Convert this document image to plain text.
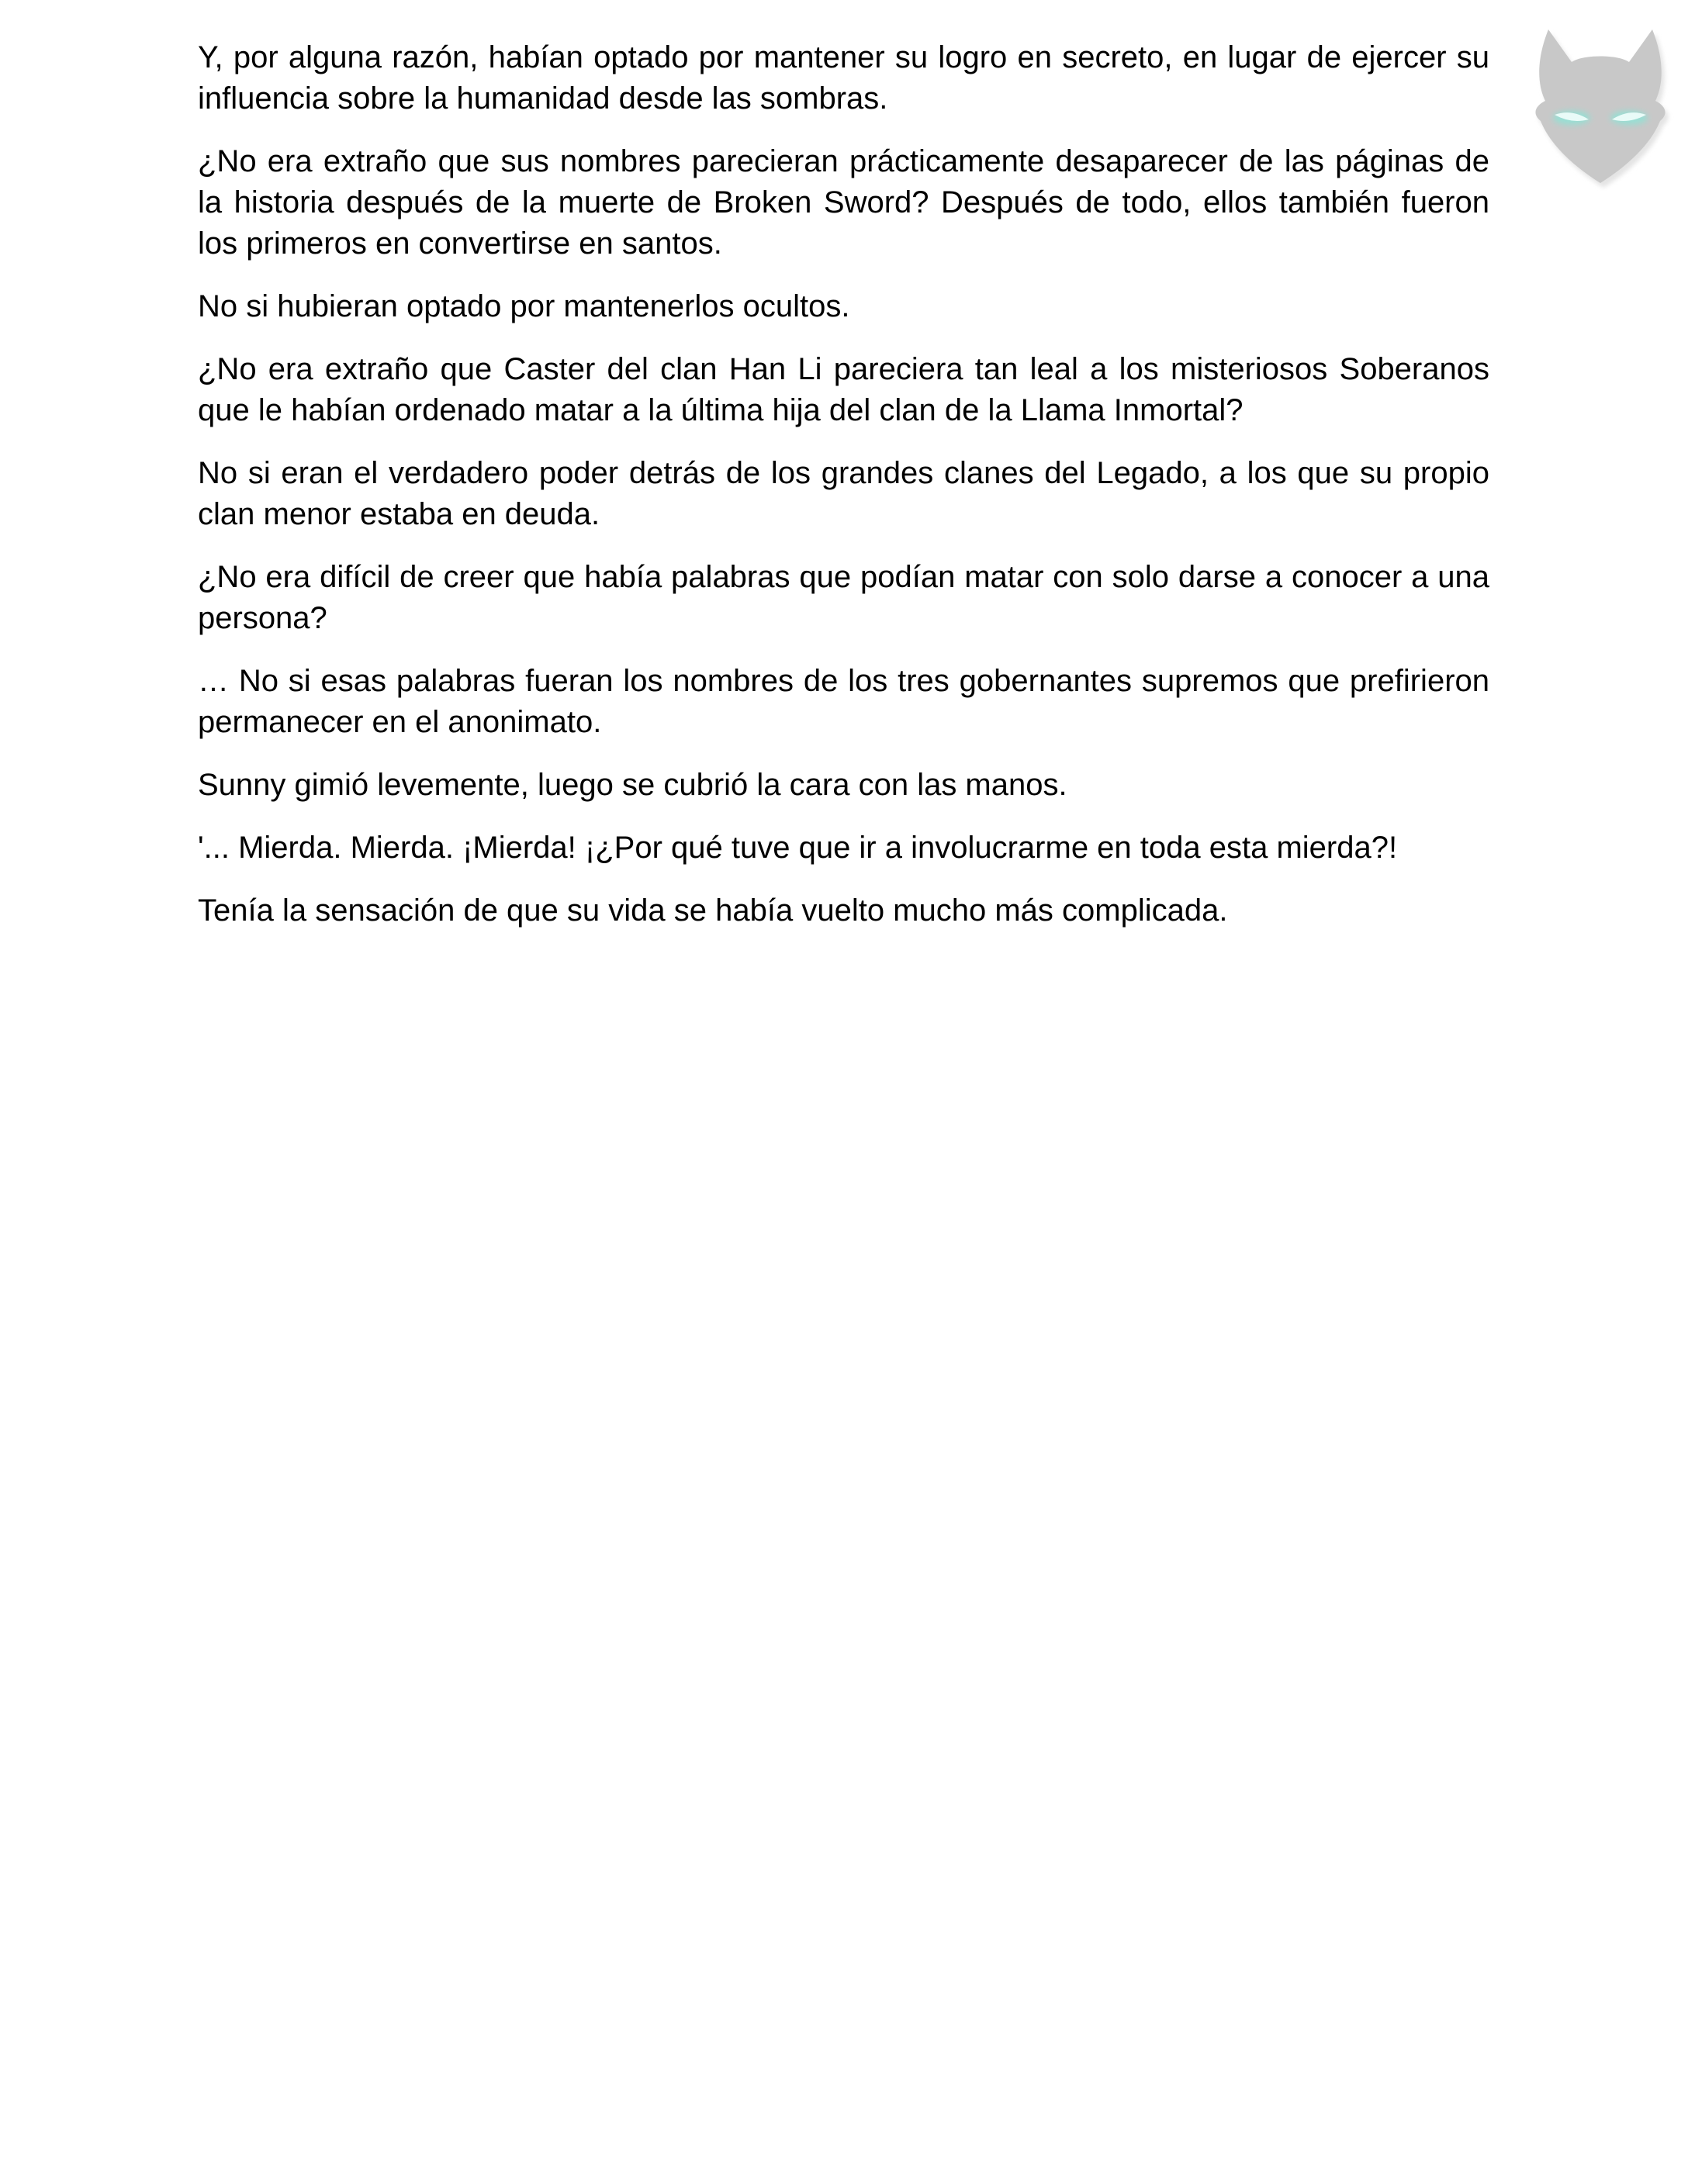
Y, por alguna razón, habían optado por mantener su logro en secreto, en lugar de ejercer su influencia sobre la humanidad desde las sombras.

¿No era extraño que sus nombres parecieran prácticamente desaparecer de las páginas de la historia después de la muerte de Broken Sword? Después de todo, ellos también fueron los primeros en convertirse en santos.

No si hubieran optado por mantenerlos ocultos.

¿No era extraño que Caster del clan Han Li pareciera tan leal a los misteriosos Soberanos que le habían ordenado matar a la última hija del clan de la Llama Inmortal?

No si eran el verdadero poder detrás de los grandes clanes del Legado, a los que su propio clan menor estaba en deuda.

¿No era difícil de creer que había palabras que podían matar con solo darse a conocer a una persona?

… No si esas palabras fueran los nombres de los tres gobernantes supremos que prefirieron permanecer en el anonimato.

Sunny gimió levemente, luego se cubrió la cara con las manos.

'... Mierda. Mierda. ¡Mierda! ¡¿Por qué tuve que ir a involucrarme en toda esta mierda?!

Tenía la sensación de que su vida se había vuelto mucho más complicada.
